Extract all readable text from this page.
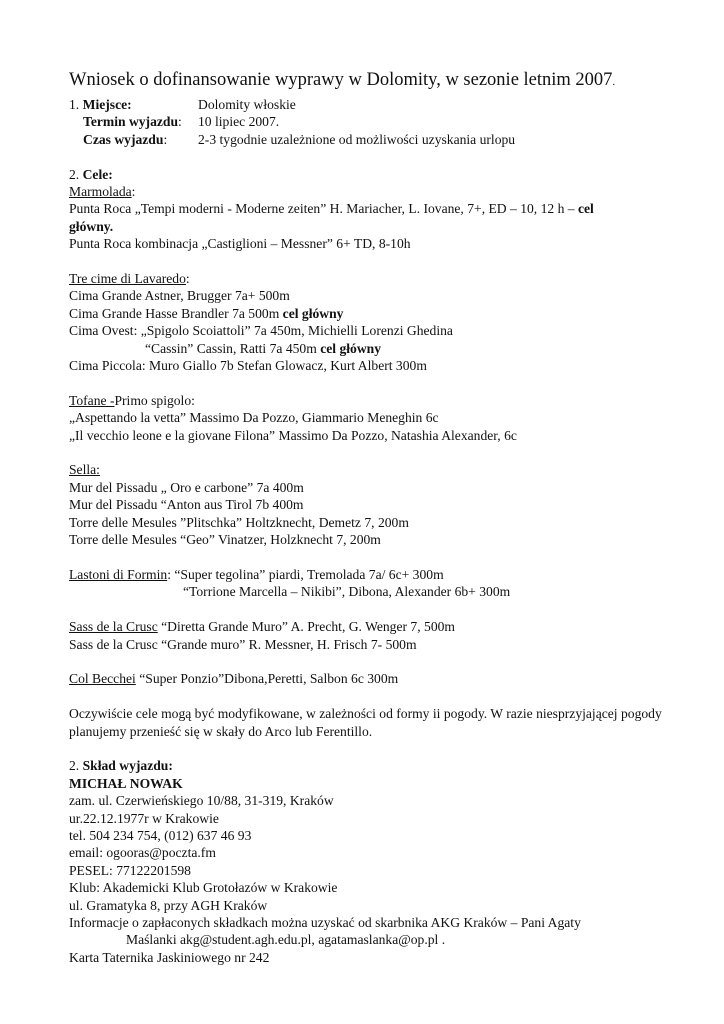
Wniosek o dofinansowanie wyprawy w Dolomity, w sezonie letnim 2007.
1. Miejsce:	Dolomity włoskie
Termin wyjazdu:	10 lipiec 2007.
Czas wyjazdu:	2-3 tygodnie uzależnione od możliwości uzyskania urlopu
2. Cele:
Marmolada:
Punta Roca „Tempi moderni - Moderne zeiten” H. Mariacher, L. Iovane, 7+, ED – 10, 12 h – cel
główny.
Punta Roca kombinacja „Castiglioni – Messner” 6+ TD, 8-10h
Tre cime di Lavaredo:
Cima Grande Astner, Brugger 7a+ 500m
Cima Grande Hasse Brandler 7a 500m cel główny
Cima Ovest: „Spigolo Scoiattoli” 7a 450m, Michielli Lorenzi Ghedina
“Cassin” Cassin, Ratti 7a 450m cel główny
Cima Piccola: Muro Giallo 7b Stefan Glowacz, Kurt Albert 300m
Tofane -Primo spigolo:
„Aspettando la vetta” Massimo Da Pozzo, Giammario Meneghin 6c
„Il vecchio leone e la giovane Filona” Massimo Da Pozzo, Natashia Alexander, 6c
Sella:
Mur del Pissadu „ Oro e carbone” 7a 400m
Mur del Pissadu “Anton aus Tirol 7b 400m
Torre delle Mesules ”Plitschka” Holtzknecht, Demetz 7, 200m
Torre delle Mesules “Geo” Vinatzer, Holzknecht 7, 200m
Lastoni di Formin: “Super tegolina” piardi, Tremolada 7a/ 6c+ 300m
“Torrione Marcella – Nikibi”, Dibona, Alexander 6b+ 300m
Sass de la Crusc “Diretta Grande Muro” A. Precht, G. Wenger 7, 500m
Sass de la Crusc “Grande muro” R. Messner, H. Frisch 7- 500m
Col Becchei “Super Ponzio”Dibona,Peretti, Salbon 6c 300m
Oczywiście cele mogą być modyfikowane, w zależności od formy ii pogody. W razie niesprzyjającej pogody planujemy przenieść się w skały do Arco lub Ferentillo.
2. Skład wyjazdu:
MICHAŁ NOWAK
zam. ul. Czerwieńskiego 10/88, 31-319, Kraków
ur.22.12.1977r w Krakowie
tel. 504 234 754, (012) 637 46 93
email: ogooras@poczta.fm
PESEL: 77122201598
Klub: Akademicki Klub Grotołazów w Krakowie
ul. Gramatyka 8, przy AGH Kraków
Informacje o zapłaconych składkach można uzyskać od skarbnika AKG Kraków – Pani Agaty
Maślanki akg@student.agh.edu.pl, agatamaslanka@op.pl .
Karta Taternika Jaskiniowego nr 242
